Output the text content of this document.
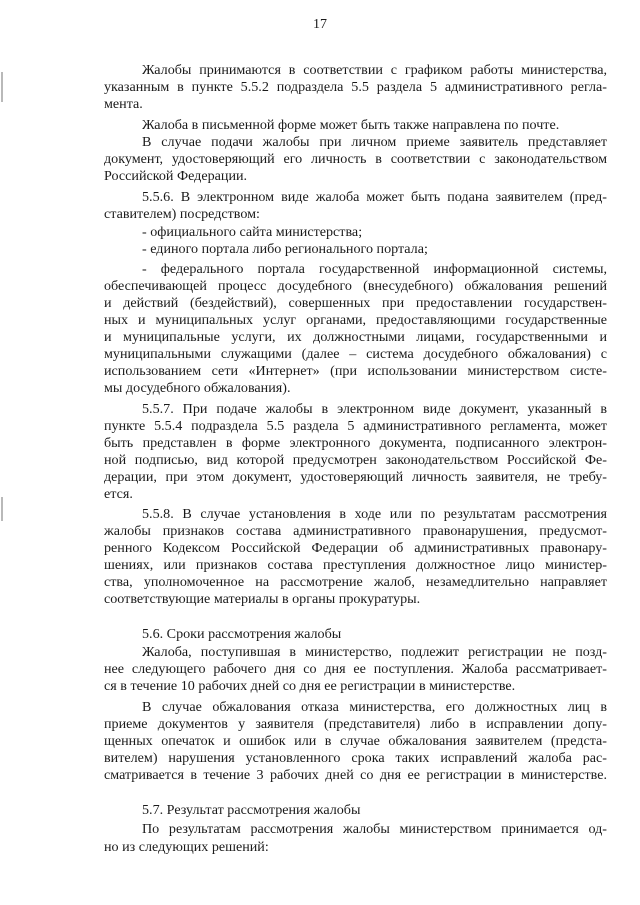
17
Жалобы принимаются в соответствии с графиком работы министерства,
указанным в пункте 5.5.2 подраздела 5.5 раздела 5 административного регла-
мента.
Жалоба в письменной форме может быть также направлена по почте.
В случае подачи жалобы при личном приеме заявитель представляет
документ, удостоверяющий его личность в соответствии с законодательством
Российской Федерации.
5.5.6. В электронном виде жалоба может быть подана заявителем (пред-
ставителем) посредством:
- официального сайта министерства;
- единого портала либо регионального портала;
- федерального портала государственной информационной системы,
обеспечивающей процесс досудебного (внесудебного) обжалования решений
и действий (бездействий), совершенных при предоставлении государствен-
ных и муниципальных услуг органами, предоставляющими государственные
и муниципальные услуги, их должностными лицами, государственными и
муниципальными служащими (далее – система досудебного обжалования) с
использованием сети «Интернет» (при использовании министерством систе-
мы досудебного обжалования).
5.5.7. При подаче жалобы в электронном виде документ, указанный в
пункте 5.5.4 подраздела 5.5 раздела 5 административного регламента, может
быть представлен в форме электронного документа, подписанного электрон-
ной подписью, вид которой предусмотрен законодательством Российской Фе-
дерации, при этом документ, удостоверяющий личность заявителя, не требу-
ется.
5.5.8. В случае установления в ходе или по результатам рассмотрения
жалобы признаков состава административного правонарушения, предусмот-
ренного Кодексом Российской Федерации об административных правонару-
шениях, или признаков состава преступления должностное лицо министер-
ства, уполномоченное на рассмотрение жалоб, незамедлительно направляет
соответствующие материалы в органы прокуратуры.
5.6. Сроки рассмотрения жалобы
Жалоба, поступившая в министерство, подлежит регистрации не позд-
нее следующего рабочего дня со дня ее поступления. Жалоба рассматривает-
ся в течение 10 рабочих дней со дня ее регистрации в министерстве.
В случае обжалования отказа министерства, его должностных лиц в
приеме документов у заявителя (представителя) либо в исправлении допу-
щенных опечаток и ошибок или в случае обжалования заявителем (предста-
вителем) нарушения установленного срока таких исправлений жалоба рас-
сматривается в течение 3 рабочих дней со дня ее регистрации в министерстве.
5.7. Результат рассмотрения жалобы
По результатам рассмотрения жалобы министерством принимается од-
но из следующих решений:
